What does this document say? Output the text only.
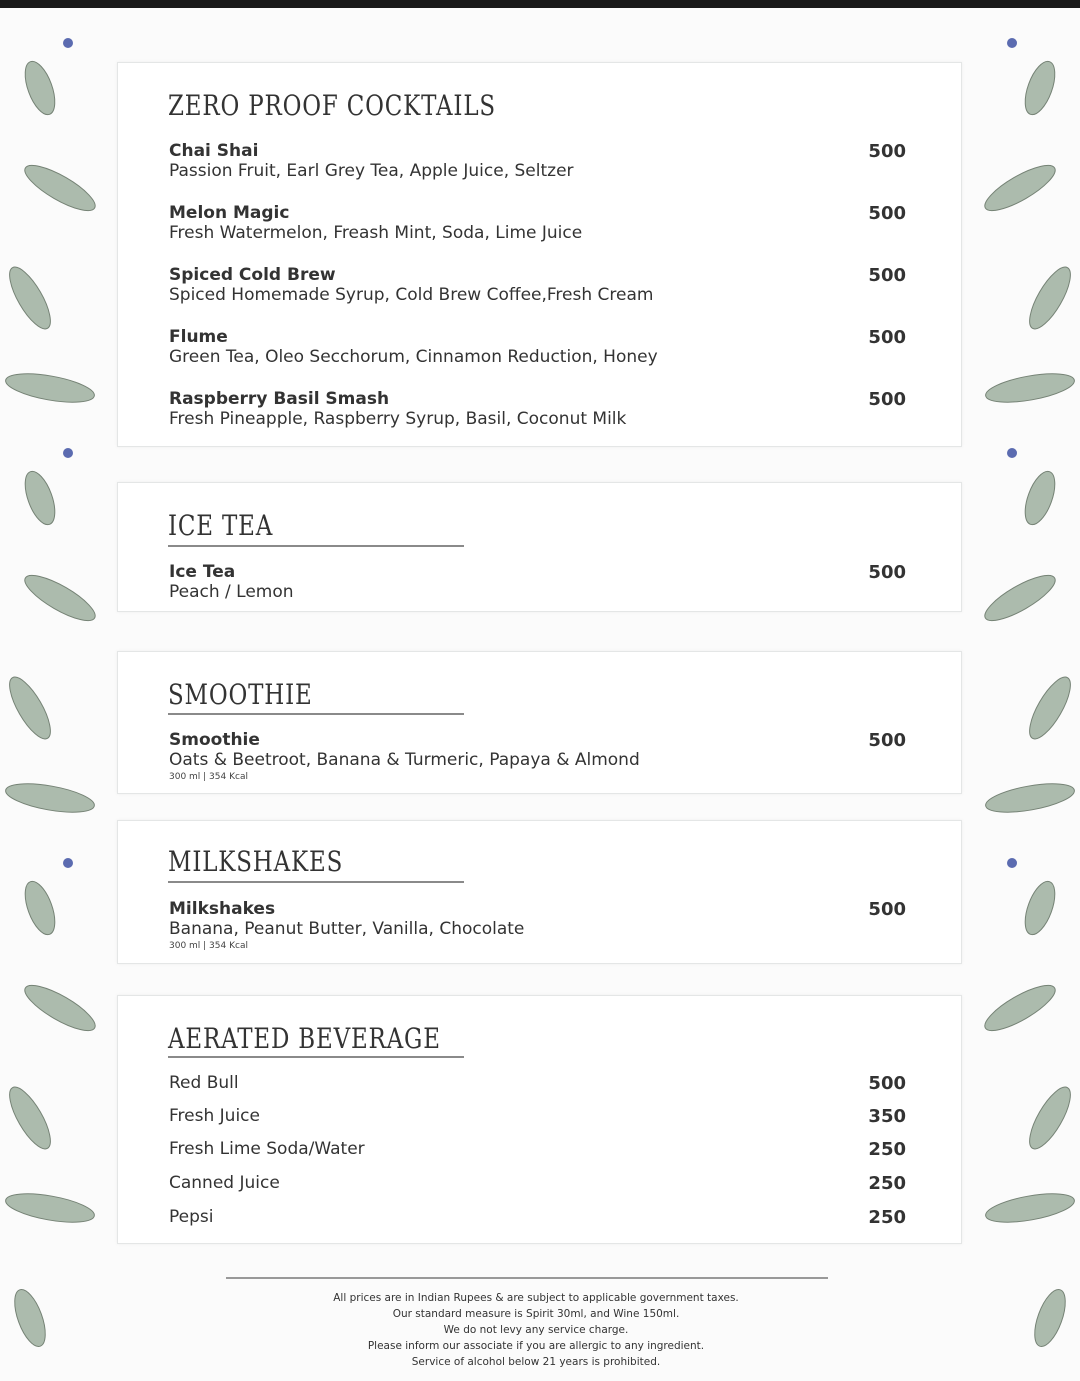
ZERO PROOF COCKTAILS
Chai Shai
Passion Fruit, Earl Grey Tea, Apple Juice, Seltzer
500
Melon Magic
Fresh Watermelon, Freash Mint, Soda, Lime Juice
500
Spiced Cold Brew
Spiced Homemade Syrup, Cold Brew Coffee,Fresh Cream
500
Flume
Green Tea, Oleo Secchorum, Cinnamon Reduction, Honey
500
Raspberry Basil Smash
Fresh Pineapple, Raspberry Syrup, Basil, Coconut Milk
500
ICE TEA
Ice Tea
Peach / Lemon
500
SMOOTHIE
Smoothie
Oats & Beetroot, Banana & Turmeric, Papaya & Almond
300 ml | 354 Kcal
500
MILKSHAKES
Milkshakes
Banana, Peanut Butter, Vanilla, Chocolate
300 ml | 354 Kcal
500
AERATED BEVERAGE
Red Bull	500
Fresh Juice	350
Fresh Lime Soda/Water	250
Canned Juice	250
Pepsi	250
All prices are in Indian Rupees & are subject to applicable government taxes.
Our standard measure is Spirit 30ml, and Wine 150ml.
We do not levy any service charge.
Please inform our associate if you are allergic to any ingredient.
Service of alcohol below 21 years is prohibited.
